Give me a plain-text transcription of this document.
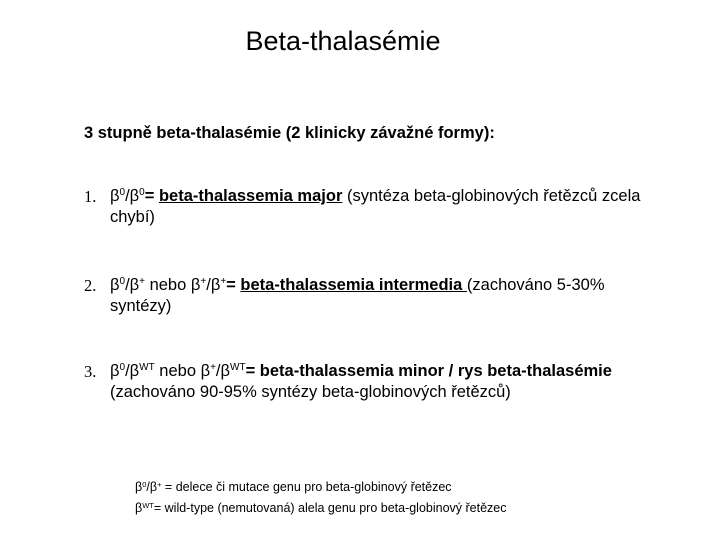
Beta-thalasémie
3 stupně beta-thalasémie (2 klinicky závažné formy):
1. $\beta^0/\beta^0=$ beta-thalassemia major (syntéza beta-globinových řetězců zcela chybí)
2. $\beta^0/\beta^+$ nebo β+/β+= beta-thalassemia intermedia (zachováno 5-30% syntézy)
3. $\beta^0/\beta^{WT}$ nebo $\beta^+/\beta^{WT}=$ beta-thalassemia minor / rys beta-thalasémie (zachováno 90-95% syntézy beta-globinových řetězců)
$\beta^0/\beta^+$ = delece či mutace genu pro beta-globinový řetězec
$\beta^{WT}=$ wild-type (nemutovaná) alela genu pro beta-globinový řetězec
